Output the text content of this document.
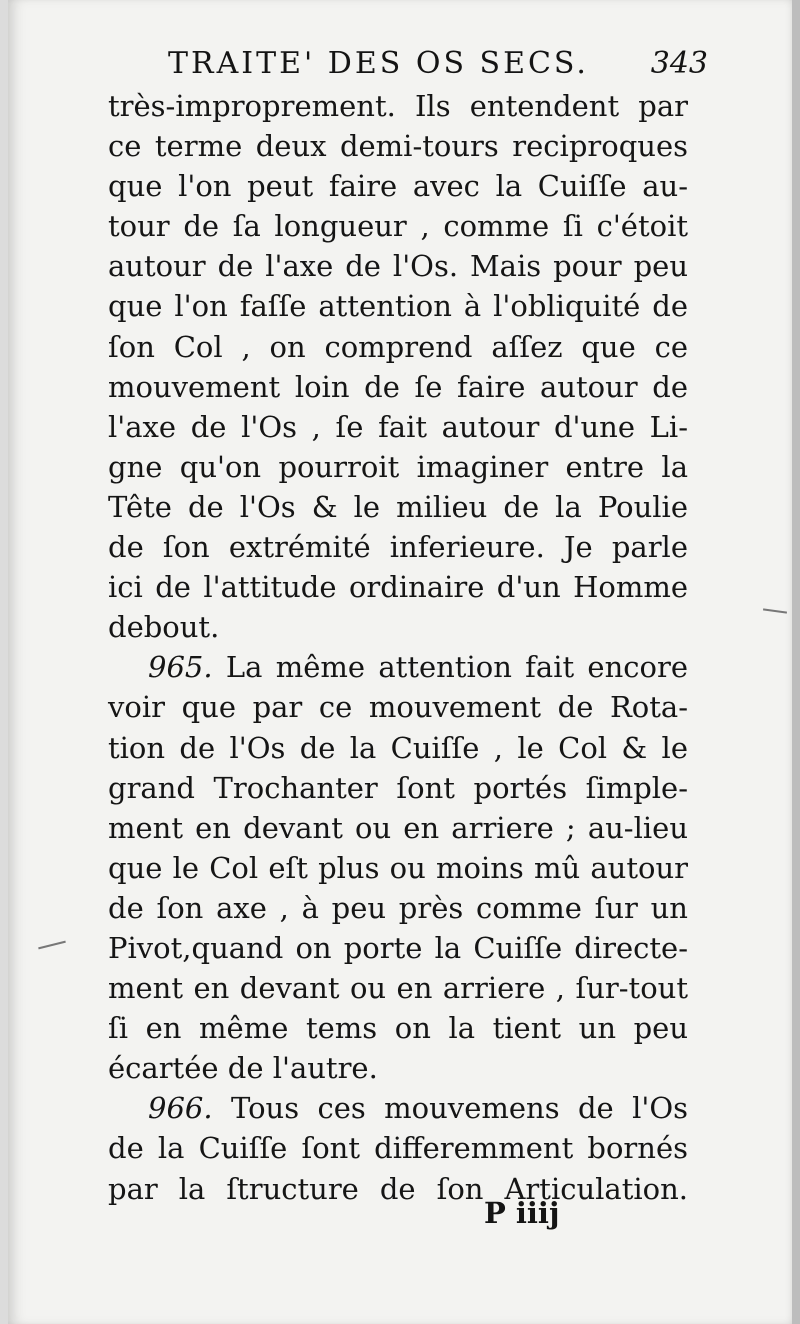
TRAITE' DES OS SECS. 343
très-improprement. Ils entendent par
ce terme deux demi-tours reciproques
que l'on peut faire avec la Cuiſſe au-
tour de ſa longueur , comme ſi c'étoit
autour de l'axe de l'Os. Mais pour peu
que l'on faſſe attention à l'obliquité de
ſon Col , on comprend aſſez que ce
mouvement loin de ſe faire autour de
l'axe de l'Os , ſe fait autour d'une Li-
gne qu'on pourroit imaginer entre la
Tête de l'Os & le milieu de la Poulie
de ſon extrémité inferieure. Je parle
ici de l'attitude ordinaire d'un Homme
debout.
965. La même attention fait encore
voir que par ce mouvement de Rota-
tion de l'Os de la Cuiſſe , le Col & le
grand Trochanter ſont portés ſimple-
ment en devant ou en arriere ; au-lieu
que le Col eſt plus ou moins mû autour
de ſon axe , à peu près comme ſur un
Pivot,quand on porte la Cuiſſe directe-
ment en devant ou en arriere , ſur-tout
ſi en même tems on la tient un peu
écartée de l'autre.
966. Tous ces mouvemens de l'Os
de la Cuiſſe ſont differemment bornés
par la ſtructure de ſon Articulation.
P iiij
